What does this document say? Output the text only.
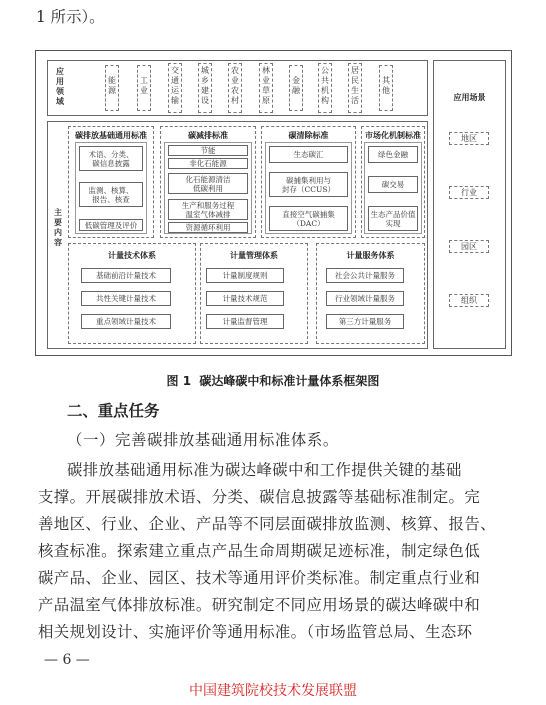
1 所示）。
应
用
领
域
能
源
工
业
交
通
运
输
城
乡
建
设
农
业
农
村
林
业
草
原
金
融
公
共
机
构
居
民
生
活
其
他
主
要
内
容
碳排放基础通用标准
术语、分类、
碳信息披露
监测、核算、
报告、核查
低碳管理及评价
碳减排标准
节能
非化石能源
化石能源清洁
低碳利用
生产和服务过程
温室气体减排
资源循环利用
碳清除标准
生态碳汇
碳捕集利用与
封存（CCUS）
直接空气碳捕集
（DAC）
市场化机制标准
绿色金融
碳交易
生态产品价值
实现
计量技术体系
基础前沿计量技术
共性关键计量技术
重点领域计量技术
计量管理体系
计量制度规则
计量技术规范
计量监督管理
计量服务体系
社会公共计量服务
行业领域计量服务
第三方计量服务
应用场景
地区
行业
园区
组织
图 1  碳达峰碳中和标准计量体系框架图
二、重点任务
（一）完善碳排放基础通用标准体系。
碳排放基础通用标准为碳达峰碳中和工作提供关键的基础
支撑。开展碳排放术语、分类、碳信息披露等基础标准制定。完
善地区、行业、企业、产品等不同层面碳排放监测、核算、报告、
核查标准。探索建立重点产品生命周期碳足迹标准，制定绿色低
碳产品、企业、园区、技术等通用评价类标准。制定重点行业和
产品温室气体排放标准。研究制定不同应用场景的碳达峰碳中和
相关规划设计、实施评价等通用标准。（市场监管总局、生态环
— 6 —
中国建筑院校技术发展联盟
